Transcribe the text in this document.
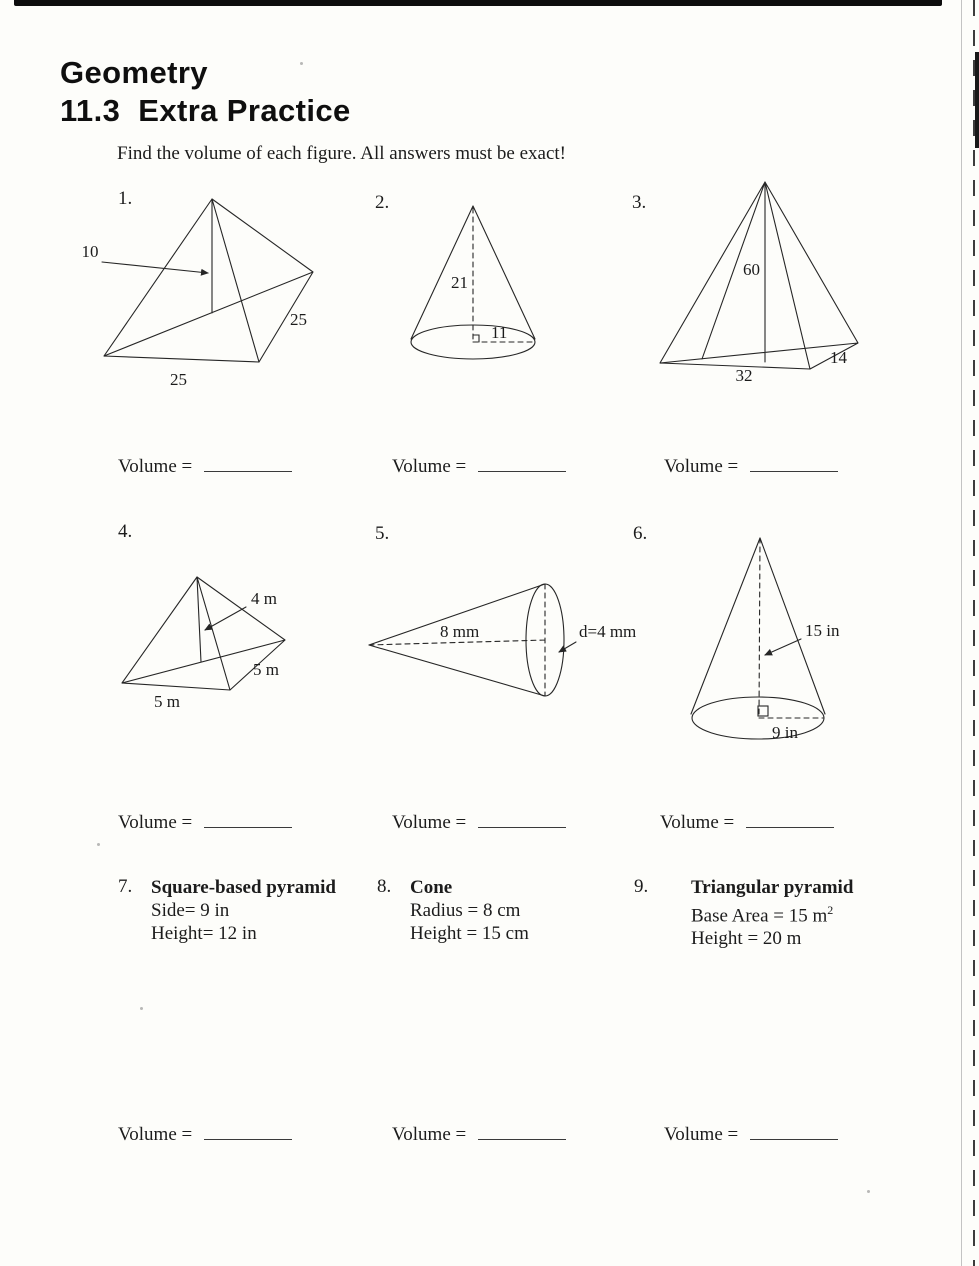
Geometry
11.3  Extra Practice
Find the volume of each figure. All answers must be exact!
1.	2.	3.
10
25
25
21
11
60
32
14
Volume =	Volume =	Volume =
4.	5.	6.
4 m
5 m
5 m
8 mm	d=4 mm	15 in
9 in
Volume =	Volume =	Volume =
7. Square-based pyramid
Side= 9 in
Height= 12 in
8. Cone
Radius = 8 cm
Height = 15 cm
9.	Triangular pyramid
Base Area = 15 $m^2$
Height = 20 m
Volume =	Volume =	Volume =
